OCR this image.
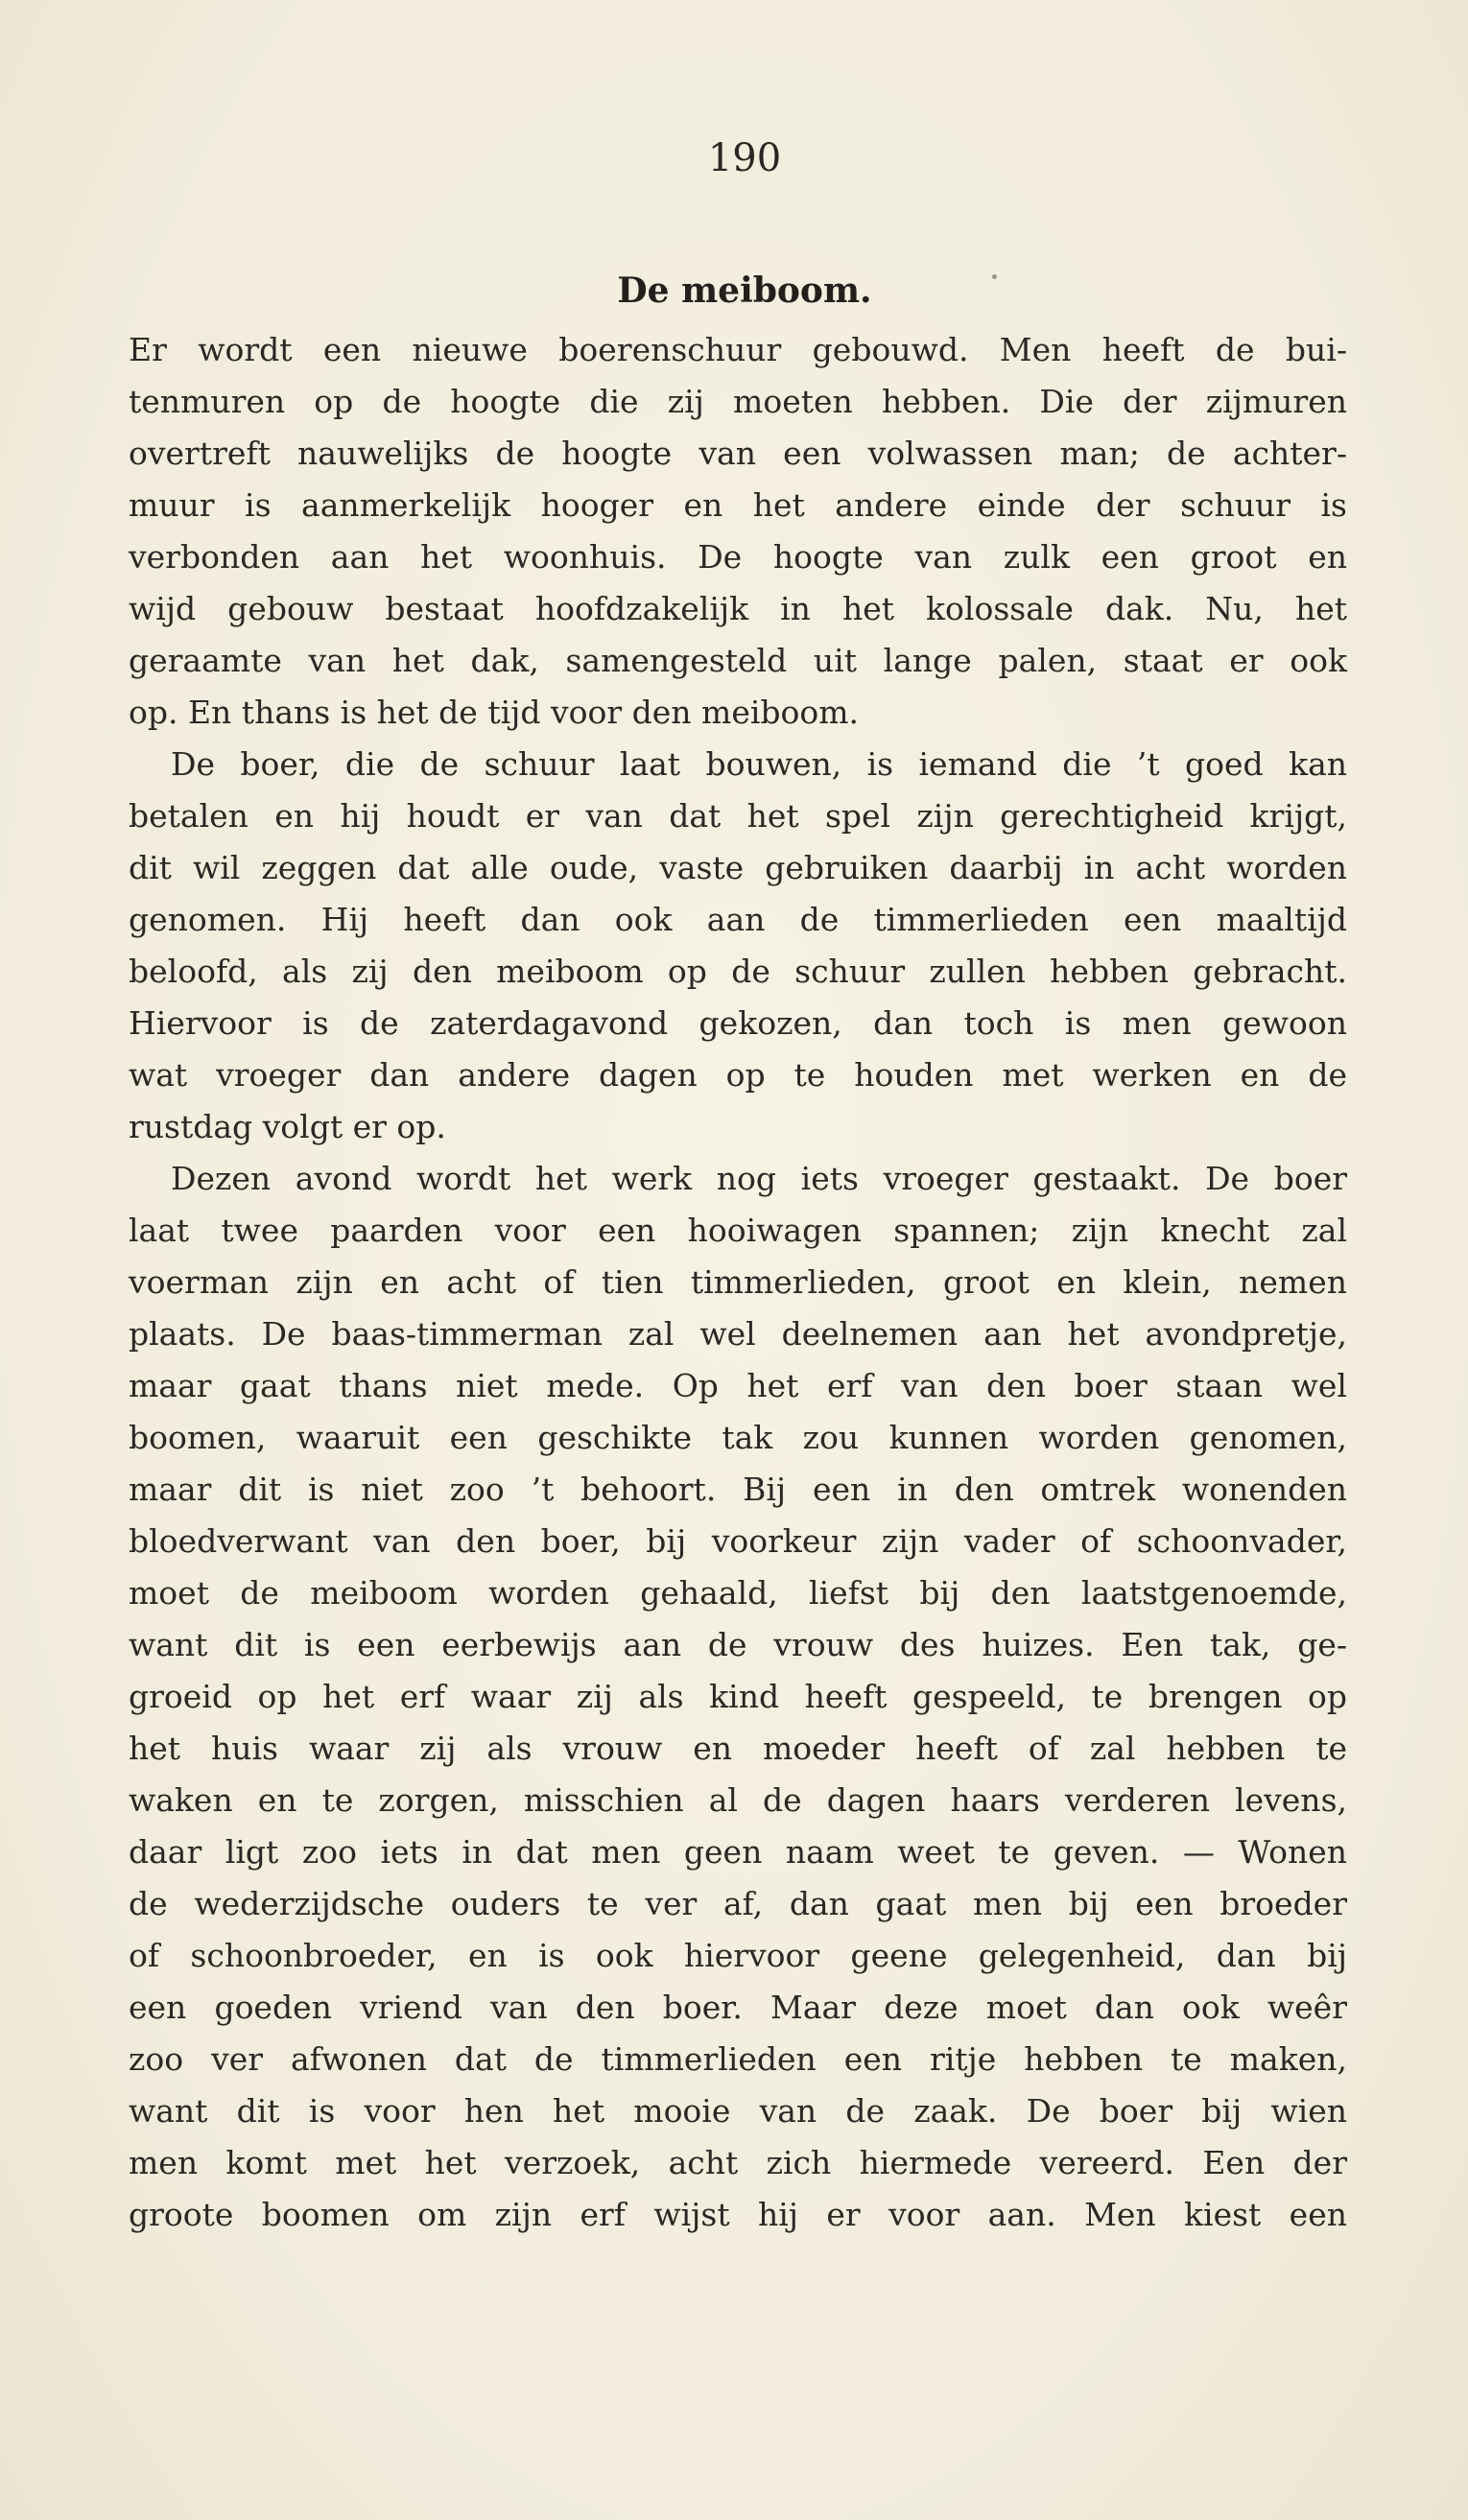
190
De meiboom.
Er wordt een nieuwe boerenschuur gebouwd. Men heeft de bui-
tenmuren op de hoogte die zij moeten hebben. Die der zijmuren
overtreft nauwelijks de hoogte van een volwassen man; de achter-
muur is aanmerkelijk hooger en het andere einde der schuur is
verbonden aan het woonhuis. De hoogte van zulk een groot en
wijd gebouw bestaat hoofdzakelijk in het kolossale dak. Nu, het
geraamte van het dak, samengesteld uit lange palen, staat er ook
op. En thans is het de tijd voor den meiboom.
De boer, die de schuur laat bouwen, is iemand die ’t goed kan
betalen en hij houdt er van dat het spel zijn gerechtigheid krijgt,
dit wil zeggen dat alle oude, vaste gebruiken daarbij in acht worden
genomen. Hij heeft dan ook aan de timmerlieden een maaltijd
beloofd, als zij den meiboom op de schuur zullen hebben gebracht.
Hiervoor is de zaterdagavond gekozen, dan toch is men gewoon
wat vroeger dan andere dagen op te houden met werken en de
rustdag volgt er op.
Dezen avond wordt het werk nog iets vroeger gestaakt. De boer
laat twee paarden voor een hooiwagen spannen; zijn knecht zal
voerman zijn en acht of tien timmerlieden, groot en klein, nemen
plaats. De baas-timmerman zal wel deelnemen aan het avondpretje,
maar gaat thans niet mede. Op het erf van den boer staan wel
boomen, waaruit een geschikte tak zou kunnen worden genomen,
maar dit is niet zoo ’t behoort. Bij een in den omtrek wonenden
bloedverwant van den boer, bij voorkeur zijn vader of schoonvader,
moet de meiboom worden gehaald, liefst bij den laatstgenoemde,
want dit is een eerbewijs aan de vrouw des huizes. Een tak, ge-
groeid op het erf waar zij als kind heeft gespeeld, te brengen op
het huis waar zij als vrouw en moeder heeft of zal hebben te
waken en te zorgen, misschien al de dagen haars verderen levens,
daar ligt zoo iets in dat men geen naam weet te geven. — Wonen
de wederzijdsche ouders te ver af, dan gaat men bij een broeder
of schoonbroeder, en is ook hiervoor geene gelegenheid, dan bij
een goeden vriend van den boer. Maar deze moet dan ook weêr
zoo ver afwonen dat de timmerlieden een ritje hebben te maken,
want dit is voor hen het mooie van de zaak. De boer bij wien
men komt met het verzoek, acht zich hiermede vereerd. Een der
groote boomen om zijn erf wijst hij er voor aan. Men kiest een
